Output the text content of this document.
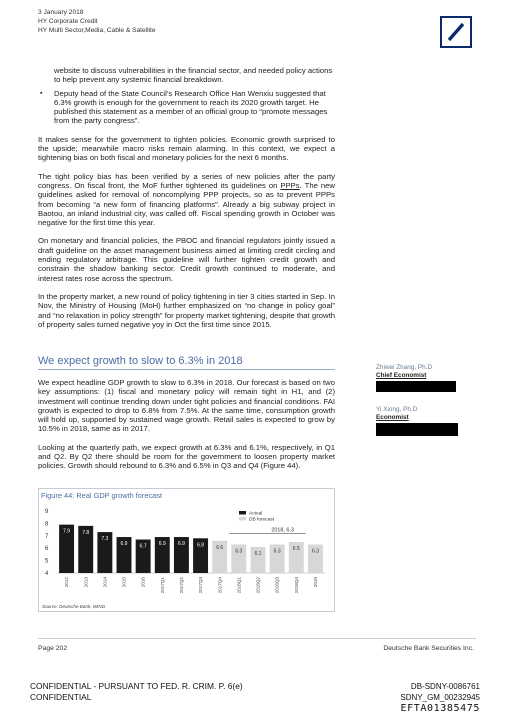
3 January 2018
HY Corporate Credit
HY Multi Sector,Media, Cable & Satellite
website to discuss vulnerabilities in the financial sector, and needed policy actions to help prevent any systemic financial breakdown.
▪ Deputy head of the State Council’s Research Office Han Wenxiu suggested that 6.3% growth is enough for the government to reach its 2020 growth target. He published this statement as a member of an official group to “promote messages from the party congress”.
It makes sense for the government to tighten policies. Economic growth surprised to the upside; meanwhile macro risks remain alarming. In this context, we expect a tightening bias on both fiscal and monetary policies for the next 6 months.
The tight policy bias has been verified by a series of new policies after the party congress. On fiscal front, the MoF further tightened its guidelines on PPPs. The new guidelines asked for removal of noncomplying PPP projects, so as to prevent PPPs from becoming “a new form of financing platforms”. Already a big subway project in Baotou, an inland industrial city, was called off. Fiscal spending growth in October was negative for the first time this year.
On monetary and financial policies, the PBOC and financial regulators jointly issued a draft guideline on the asset management business aimed at limiting credit circling and ending regulatory arbitrage. This guideline will further tighten credit growth and constrain the shadow banking sector. Credit growth continued to moderate, and interest rates rose across the spectrum.
In the property market, a new round of policy tightening in tier 3 cities started in Sep. In Nov, the Ministry of Housing (MoH) further emphasized on “no change in policy goal” and “no relaxation in policy strength” for property market tightening, despite that growth of property sales turned negative yoy in Oct the first time since 2015.
We expect growth to slow to 6.3% in 2018
We expect headline GDP growth to slow to 6.3% in 2018. Our forecast is based on two key assumptions: (1) fiscal and monetary policy will remain tight in H1, and (2) investment will continue trending down under tight policies and financial conditions. FAI growth is expected to drop to 6.8% from 7.5%. At the same time, consumption growth will hold up, supported by sustained wage growth. Retail sales is expected to grow by 10.5% in 2018, same as in 2017.
Looking at the quarterly path, we expect growth at 6.3% and 6.1%, respectively, in Q1 and Q2. By Q2 there should be room for the government to loosen property market policies. Growth should rebound to 6.3% and 6.5% in Q3 and Q4 (Figure 44).
Zhiwei Zhang, Ph.D
Chief Economist
Yi Xiong, Ph.D
Economist
Figure 44: Real GDP growth forecast
9
8
7
6
5
4
7.9
2012
7.8
2013
7.3
2014
6.9
2015
6.7
2016
6.9
2017Q1
6.9
2017Q2
6.8
2017Q3
6.6
2017Q4
6.3
2018Q1
6.1
2018Q2
6.3
2018Q3
6.5
2018Q4
6.3
2019
2018, 6.3
Actual
DB forecast
Source: Deutsche Bank, WIND
Page 202	Deutsche Bank Securities Inc.
CONFIDENTIAL - PURSUANT TO FED. R. CRIM. P. 6(e)
CONFIDENTIAL
DB-SDNY-0086761
SDNY_GM_00232945
EFTA01385475
